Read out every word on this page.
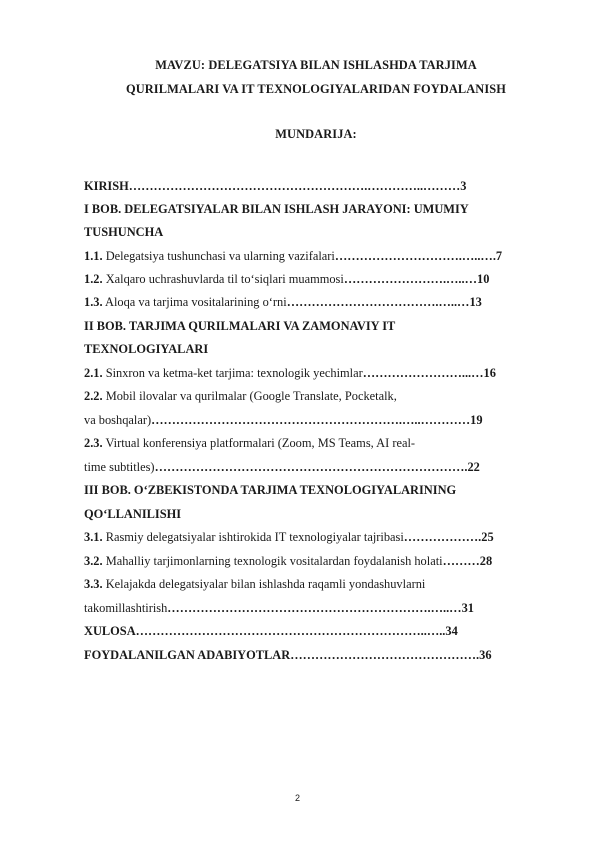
MAVZU: DELEGATSIYA BILAN ISHLASHDA TARJIMA
QURILMALARI VA IT TEXNOLOGIYALARIDAN FOYDALANISH
MUNDARIJA:
KIRISH………………………………………………….…………..………3
I BOB. DELEGATSIYALAR BILAN ISHLASH JARAYONI: UMUMIY
TUSHUNCHA
1.1. Delegatsiya tushunchasi va ularning vazifalari………………………….…..….7
1.2. Xalqaro uchrashuvlarda til to‘siqlari muammosi…………………….…..…10
1.3. Aloqa va tarjima vositalarining o‘rni……………………………….…..…13
II BOB. TARJIMA QURILMALARI VA ZAMONAVIY IT
TEXNOLOGIYALARI
2.1. Sinxron va ketma-ket tarjima: texnologik yechimlar……………………...…16
2.2. Mobil ilovalar va qurilmalar (Google Translate, Pocketalk,
va boshqalar)…………………………………………………….…..…………19
2.3. Virtual konferensiya platformalari (Zoom, MS Teams, AI real-
time subtitles)………………………………………………………………….22
III BOB. O‘ZBEKISTONDA TARJIMA TEXNOLOGIYALARINING
QO‘LLANILISHI
3.1. Rasmiy delegatsiyalar ishtirokida IT texnologiyalar tajribasi……………….25
3.2. Mahalliy tarjimonlarning texnologik vositalardan foydalanish holati………28
3.3. Kelajakda delegatsiyalar bilan ishlashda raqamli yondashuvlarni
takomillashtirish……………………………………………………….…..…31
XULOSA……………………………………………………………..…..34
FOYDALANILGAN ADABIYOTLAR……………………………………….36
2
